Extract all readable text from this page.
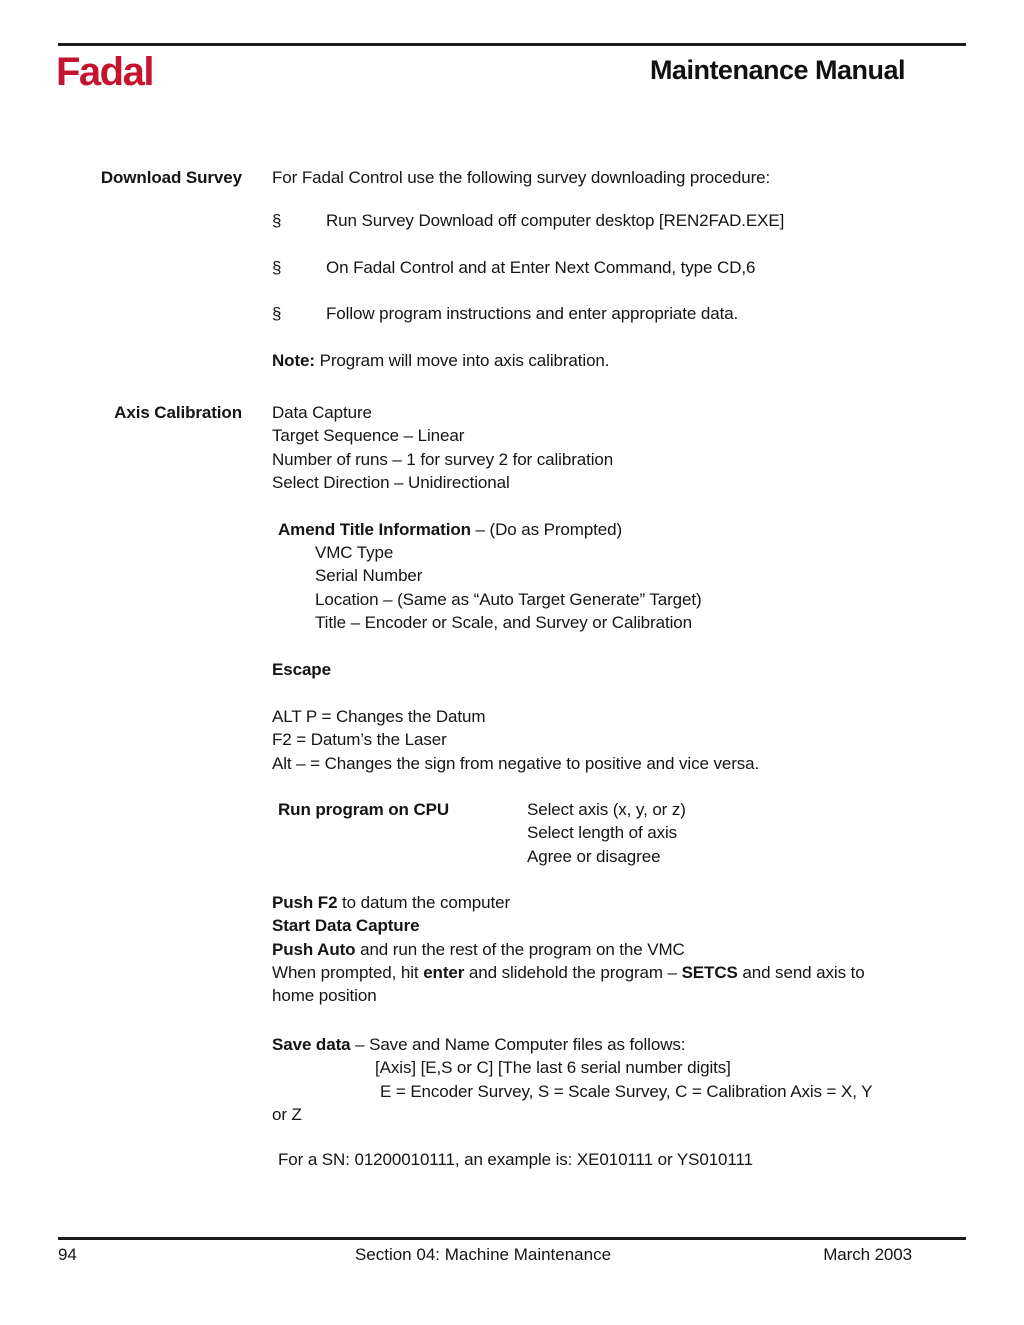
Fadal	Maintenance Manual
Download Survey For Fadal Control use the following survey downloading procedure:
§	Run Survey Download off computer desktop [REN2FAD.EXE]
§	On Fadal Control and at Enter Next Command, type CD,6
§	Follow program instructions and enter appropriate data.
Note: Program will move into axis calibration.
Axis Calibration Data Capture
Target Sequence – Linear
Number of runs – 1 for survey 2 for calibration
Select Direction – Unidirectional
Amend Title Information – (Do as Prompted)
VMC Type
Serial Number
Location – (Same as “Auto Target Generate” Target)
Title – Encoder or Scale, and Survey or Calibration
Escape
ALT P = Changes the Datum
F2 = Datum’s the Laser
Alt – = Changes the sign from negative to positive and vice versa.
Run program on CPU	Select axis (x, y, or z)
Select length of axis
Agree or disagree
Push F2 to datum the computer
Start Data Capture
Push Auto and run the rest of the program on the VMC
When prompted, hit enter and slidehold the program – SETCS and send axis to
home position
Save data – Save and Name Computer files as follows:
[Axis] [E,S or C] [The last 6 serial number digits]
E = Encoder Survey, S = Scale Survey, C = Calibration Axis = X, Y
or Z
For a SN: 01200010111, an example is: XE010111 or YS010111
94	Section 04: Machine Maintenance	March 2003
